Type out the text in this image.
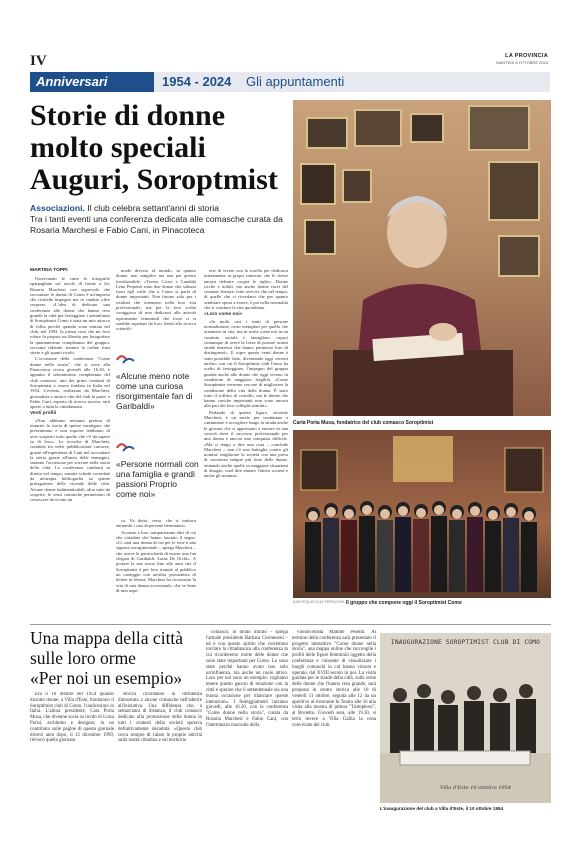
IV	LA PROVINCIA
MARTEDÌ 8 OTTOBRE 2024
Anniversari	1954 - 2024 Gli appuntamenti
Storie di donne
molto speciali
Auguri, Soroptmist
Associazioni. Il club celebra settant'anni di storia
Tra i tanti eventi una conferenza dedicata alle comasche curata da Rosaria Marchesi e Fabio Cani, in Pinacoteca
MARTINA TOPPI

Osservando le carte le fotografie sparpagliate sul tavolo di fronte a lei, Rosaria Marchesi con soprevole che raccontare le donne di Como è un'impresa che richiede impegno ma in cambio offre sorprese. «L'idea di dedicare una conferenza alle donne che hanno reso grande la città per festeggiare i settant'anni di Soroptimist Como è stata un mio attacco di follia perché quando sono entrata nel club, nel 1993, la prima cosa che mi fece rofare fu proprio un libretto per fotografare la quarantesimo compleanno del gruppo» racconta ridendo, mentre la ordine frasi storie e gli spunti ricolti.

L'occasione della conferenza "Come donne nella storia", che si terrà alla Pinacoteca civica giovedì alle 16.30, è appunto il settantesimo compleanno del club comasco, uno dei primi comitati di Soroptimist a essere fondato in Italia nel 1954. L'evento, realizzato da Marchesi, giornalista e autrice che del club fa parte, e Fabio Cani, esperto di ricerca storica, sarà aperto a tutta la cittadinanza.

Venti profili

«Non abbiamo nessuna pretesa di esaurire la storia di queste vanitigure che presentiamo e non esporre tendiamo di aver scoperto tutto quello che c'è da sapere su di loro». Le ricerche di Marchesi, condotte tra webe pubblicazioni cartacee, grazie all'esperienza di Cani nel raccontare la storia grazie all'aiuto delle immagini, saranno l'occasione per scavare nella storia della città. La conferenza condurrà in diretto nel tempo, tramite schede corredate da un'ampia bibliografia su queste protagoniste delle vicende delle città. Alcune donne indimenticabili, altre tutte da scoprire, le venti comasche permettono di conoscere da vicino un

mode diverso al mondo, in quanto donne, mai semplice ma non per questo irrealizzabile. «Teresa Ciceri e Candida Lena Perpenti sono due donne che saltano fuori egli volte che a Como si parla di donne importanti. Non furono solo per i risultati che ottennero nella loro vita professionale, ma per la loro scelta coraggiosa di non dedicarsi alle attività tipicamente femminili che forse ci si sarebbe aspettati da loro, bensì alla ricerca scientifi-

«Alcune meno note come una curiosa risorgimentale fan di Garibaldi»
«Persone normali con una famiglia e grandi passioni Proprio come noi»

ca. Va detto, certo, che si trattava entrambi i casi di persone benestanti».

Accanto a loro compariranno altri di ciò che cittadine che hanno lasciato il segno. «Ci sarà una donna di cui per le eroe è una signora risorgimentale – spiega Marchesi – che aveva la particolarità di essere una fan sfegata di Garibaldi: Luisa De Orchi». A portare la sua storia fino alle anni che il Soroptimist è per loro tramite al pubblico un carteggio con un'altra protaonista di lettere in lettera, Marchesi ha ricostruito la vita di una donna eccezionale, che se bene di non sapo-

ersi di vivere con la sorella per dedicarsi interamente ai propri interessi che le stesse amava definire «sopra le righe». Donne ricche e nobili, ma anche donne facei del comune, bizarre, lotte avevivi che nel tempo, di quelle che ci ricordano che per quanto sembrare sposa a essere, è poi nella normalità che si conduce la vita quotidiana.

«Loro come noi»

«In molti casi i tratti di persone normalissime, certo esemplari per quello che ottennero in vita, ma in serite come noi in un contesto sociale e famigliare, capaci comunque di avere la forza di portare avanti strade interessi che hanno permesso loro di distinguersi». E sopre queste venti donne è stato possibile fatto, diventando oggi «eventi anche» con cui il Soroptimist club Como ha scelto di festeggiare, l'impegno del gruppo guarda anche alle donne che oggi vivono in condizioni di maggiore fragilità. «Come Soroptimist verremo cercare di migliorare la condizione della vita della donna. È stato rotto il soffitto di cristallo, ma le donne che hanno cariche importanti non sono ancora alla pari dei loro colleghi uomini».

Parlando di queste figure, secondo Marchesi, è un modo per continuare a camminare e accogliere lungo la strada anche le giovani che si apprestano a entrare in una società dove il successo professionale per una donna è ancora una conquista difficile. «Ma ci tengo a dire una cosa – conclude Marchesi – non c'è una battaglia contro gli uomini: migliorare la società con una presa di coscienza sempre più forte delle donne, aiutando anche quelle in maggiore situazioni di disagio, vuol dire aiutare l'intera società e anche gli uomini».

Carla Porta Musa, fondatrice del club comasco Soroptimist
DAR PEQUIO DI AZ PERTA FATA Il gruppo che compone oggi il Soroptimist Como
Una mappa della città
sulle loro orme
«Per noi un esempio»

Era il 10 ottobre del 1954 quando diciotto donne, a Villa d'Este, fondarono il Soroptimist club di Como, l'undicesimo in Italia. L'allora presidente, Cara Porta Musa, che divenne socia su invito di Luisa Parisi, architetto e designer, in un contributo sulle pagine di questo giornale diversi anni dopo, il 12 dicembre 1999, rievocò quella giornata

storica ricordando la diffidenza dimostrata a alcune comasche nell'aderire all'iniziativa. Una diffidenza che, a settant'anni di distanza, il club comasco dedicato alla promozione della donna in tutti i contesti della società sperava definitivamente decaduta. «Questo club cerca sempre di calare le proprie attività sulla realtà cittadina e sul territorio

comasco, in modo mirato – spiega l'attuale presidente Barbara Cermenoni – ed è con questo spirito che vorremmo invitare la cittadinanza alla conferenza in cui ricorderemo molte delle donne che sono state importanti per Como. Lo sono state perché hanno avuto non solo un'influenza, ma anche un ruolo attivo. Loro per noi sono un esempio: vogliamo tenere questo gancio di relazione con la città e sperare che il settantennale sia una buona occasione per rilanciare queste intenzioni». I festeggiamenti iniziano giovedì, alle 16.30, con la conferenza "Come donne nella storia", curata da Rosaria Marchesi e Fabio Cani, con l'intermezzo musicale della

violoncellista Matilde Pesenti. Al termine della conferenza sarà presentato il progetto interattivo "Como donne nella storia", una mappa online che racconglie i profili delle figure femminili oggetto della conferenza e consente di visualizzare i luoghi comaschi in cui hanno vissuto e operato, dal XVIII secolo in poi. La visita guidata per le strade della città, sulle orme delle donne che l'hanno resa grande, sarà proposta in centro storico alle 10 di venerdì 11 ottobre, seguita alle 12 da un aperitivo al ristorante In Teatro alle 16 alla visita alla mostra di pittura "Tuttoplessi", al Broletto. Giovedì sera, alle 19.30, si terrà invece a Villa Gallia la cena conviviale del club.

INAUGURAZIONE SOROPTIMIST CLUB DI COMO
Villa d'Este 10 ottobre 1954
L'inaugurazione del club a Villa d'Este, il 10 ottobre 1954
